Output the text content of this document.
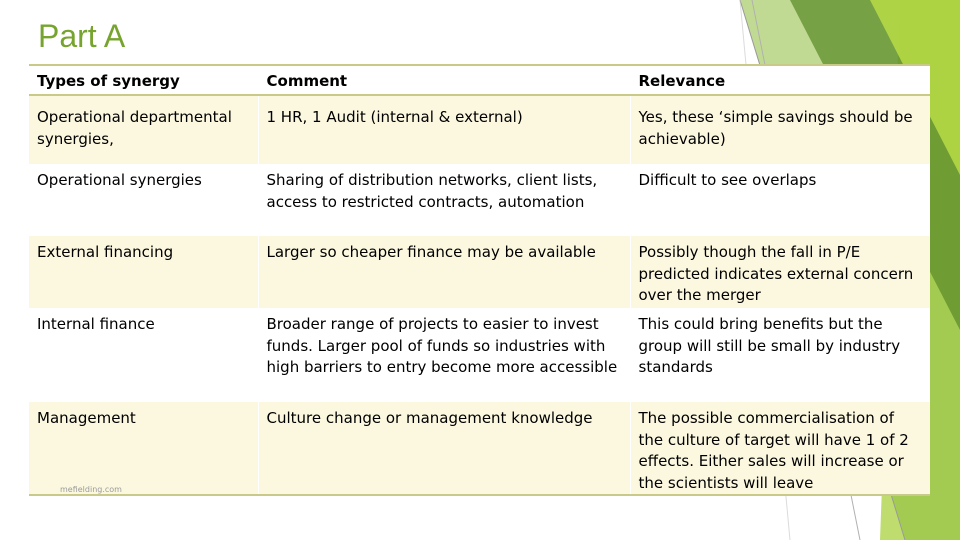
Part A
Types of synergy	Comment	Relevance
Operational departmental synergies,	1 HR, 1 Audit (internal & external)	Yes, these ‘simple savings should be achievable)
Operational synergies	Sharing of distribution networks, client lists, access to restricted contracts, automation	Difficult to see overlaps
External financing	Larger so cheaper finance may be available	Possibly though the fall in P/E predicted indicates external concern over the merger
Internal finance	Broader range of projects to easier to invest funds. Larger pool of funds so industries with high barriers to entry become more accessible	This could bring benefits but the group will still be small by industry standards
Management	Culture change or management knowledge	The possible commercialisation of the culture of target will have 1 of 2 effects. Either sales will increase or the scientists will leave
mefielding.com
